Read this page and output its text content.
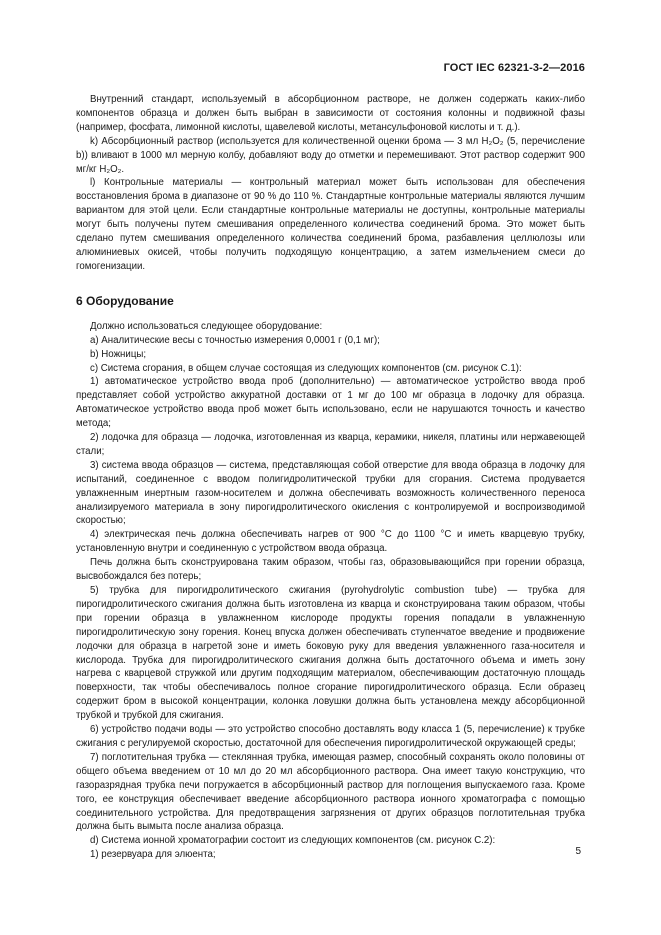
ГОСТ IEC 62321-3-2—2016

Внутренний стандарт, используемый в абсорбционном растворе, не должен содержать каких-либо компонентов образца и должен быть выбран в зависимости от состояния колонны и подвижной фазы (например, фосфата, лимонной кислоты, щавелевой кислоты, метансульфоновой кислоты и т. д.).

k) Абсорбционный раствор (используется для количественной оценки брома — 3 мл H₂O₂ (5, перечисление b)) вливают в 1000 мл мерную колбу, добавляют воду до отметки и перемешивают. Этот раствор содержит 900 мг/кг H₂O₂.

l) Контрольные материалы — контрольный материал может быть использован для обеспечения восстановления брома в диапазоне от 90 % до 110 %. Стандартные контрольные материалы являются лучшим вариантом для этой цели. Если стандартные контрольные материалы не доступны, контрольные материалы могут быть получены путем смешивания определенного количества соединений брома. Это может быть сделано путем смешивания определенного количества соединений брома, разбавления целлюлозы или алюминиевых окисей, чтобы получить подходящую концентрацию, а затем измельчением смеси до гомогенизации.

6 Оборудование

Должно использоваться следующее оборудование:

a) Аналитические весы с точностью измерения 0,0001 г (0,1 мг);

b) Ножницы;

c) Система сгорания, в общем случае состоящая из следующих компонентов (см. рисунок С.1):

1) автоматическое устройство ввода проб (дополнительно) — автоматическое устройство ввода проб представляет собой устройство аккуратной доставки от 1 мг до 100 мг образца в лодочку для образца. Автоматическое устройство ввода проб может быть использовано, если не нарушаются точность и качество метода;

2) лодочка для образца — лодочка, изготовленная из кварца, керамики, никеля, платины или нержавеющей стали;

3) система ввода образцов — система, представляющая собой отверстие для ввода образца в лодочку для испытаний, соединенное с вводом полигидролитической трубки для сгорания. Система продувается увлажненным инертным газом-носителем и должна обеспечивать возможность количественного переноса анализируемого материала в зону пирогидролитического окисления с контролируемой и воспроизводимой скоростью;

4) электрическая печь должна обеспечивать нагрев от 900 °С до 1100 °С и иметь кварцевую трубку, установленную внутри и соединенную с устройством ввода образца.

Печь должна быть сконструирована таким образом, чтобы газ, образовывающийся при горении образца, высвобождался без потерь;

5) трубка для пирогидролитического сжигания (pyrohydrolytic combustion tube) — трубка для пирогидролитического сжигания должна быть изготовлена из кварца и сконструирована таким образом, чтобы при горении образца в увлажненном кислороде продукты горения попадали в увлажненную пирогидролитическую зону горения. Конец впуска должен обеспечивать ступенчатое введение и продвижение лодочки для образца в нагретой зоне и иметь боковую руку для введения увлажненного газа-носителя и кислорода. Трубка для пирогидролитического сжигания должна быть достаточного объема и иметь зону нагрева с кварцевой стружкой или другим подходящим материалом, обеспечивающим достаточную площадь поверхности, так чтобы обеспечивалось полное сгорание пирогидролитического образца. Если образец содержит бром в высокой концентрации, колонка ловушки должна быть установлена между абсорбционной трубкой и трубкой для сжигания.

6) устройство подачи воды — это устройство способно доставлять воду класса 1 (5, перечисление) к трубке сжигания с регулируемой скоростью, достаточной для обеспечения пирогидролитической окружающей среды;

7) поглотительная трубка — стеклянная трубка, имеющая размер, способный сохранять около половины от общего объема введением от 10 мл до 20 мл абсорбционного раствора. Она имеет такую конструкцию, что газоразрядная трубка печи погружается в абсорбционный раствор для поглощения выпускаемого газа. Кроме того, ее конструкция обеспечивает введение абсорбционного раствора ионного хроматографа с помощью соединительного устройства. Для предотвращения загрязнения от других образцов поглотительная трубка должна быть вымыта после анализа образца.

d) Система ионной хроматографии состоит из следующих компонентов (см. рисунок С.2):

1) резервуара для элюента;	5
